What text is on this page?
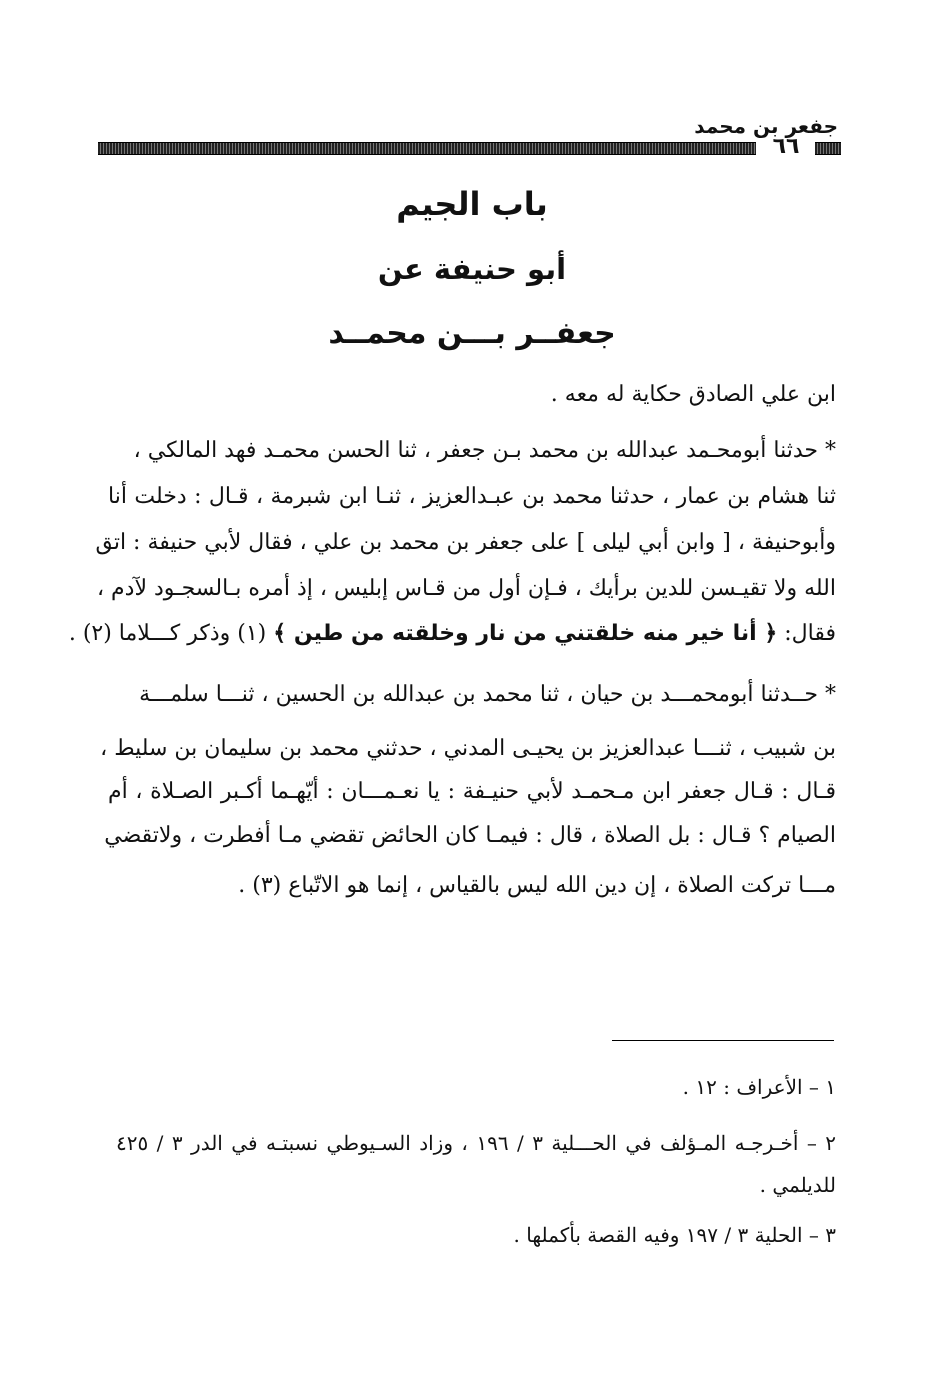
جفعر بن محمد
٦٦
باب الجيم
أبو حنيفة عن
جعفــر بـــن محمــد
ابن علي الصادق حكاية له معه .
* حدثنا أبومحـمد عبدالله بن محمد بـن جعفر ، ثنا الحسن محمـد فهد المالكي ،
ثنا هشام بن عمار ، حدثنا محمد بن عبـدالعزيز ، ثنـا ابن شبرمة ، قـال : دخلت أنا
وأبوحنيفة ، [ وابن أبي ليلى ] على جعفر بن محمد بن علي ، فقال لأبي حنيفة : اتق
الله ولا تقيـسن للدين برأيك ، فـإن أول من قـاس إبليس ، إذ أمره بـالسجـود لآدم ،
فقال: ﴿ أنا خير منه خلقتني من نار وخلقته من طين ﴾ (١) وذكر كـــلاما (٢) .
* حــدثنا أبومحمـــد بن حيان ، ثنا محمد بن عبدالله بن الحسين ، ثنـــا سلمـــة
بن شبيب ، ثنـــا عبدالعزيز بن يحيـى المدني ، حدثني محمد بن سليمان بن سليط ،
قـال : قـال جعفر ابن مـحمـد لأبي حنيـفة : يا نعـمـــان : أيّهـما أكـبر الصـلاة ، أم
الصيام ؟ قـال : بل الصلاة ، قال : فيمـا كان الحائض تقضي مـا أفطرت ، ولاتقضي
مـــا تركت الصلاة ، إن دين الله ليس بالقياس ، إنما هو الاتّباع (٣) .
١ – الأعراف : ١٢ .
٢ – أخـرجـه المـؤلف في الحـــلية ٣ / ١٩٦ ، وزاد السـيوطي نسبتـه في الدر ٣ / ٤٢٥
للديلمي .
٣ – الحلية ٣ / ١٩٧ وفيه القصة بأكملها .
